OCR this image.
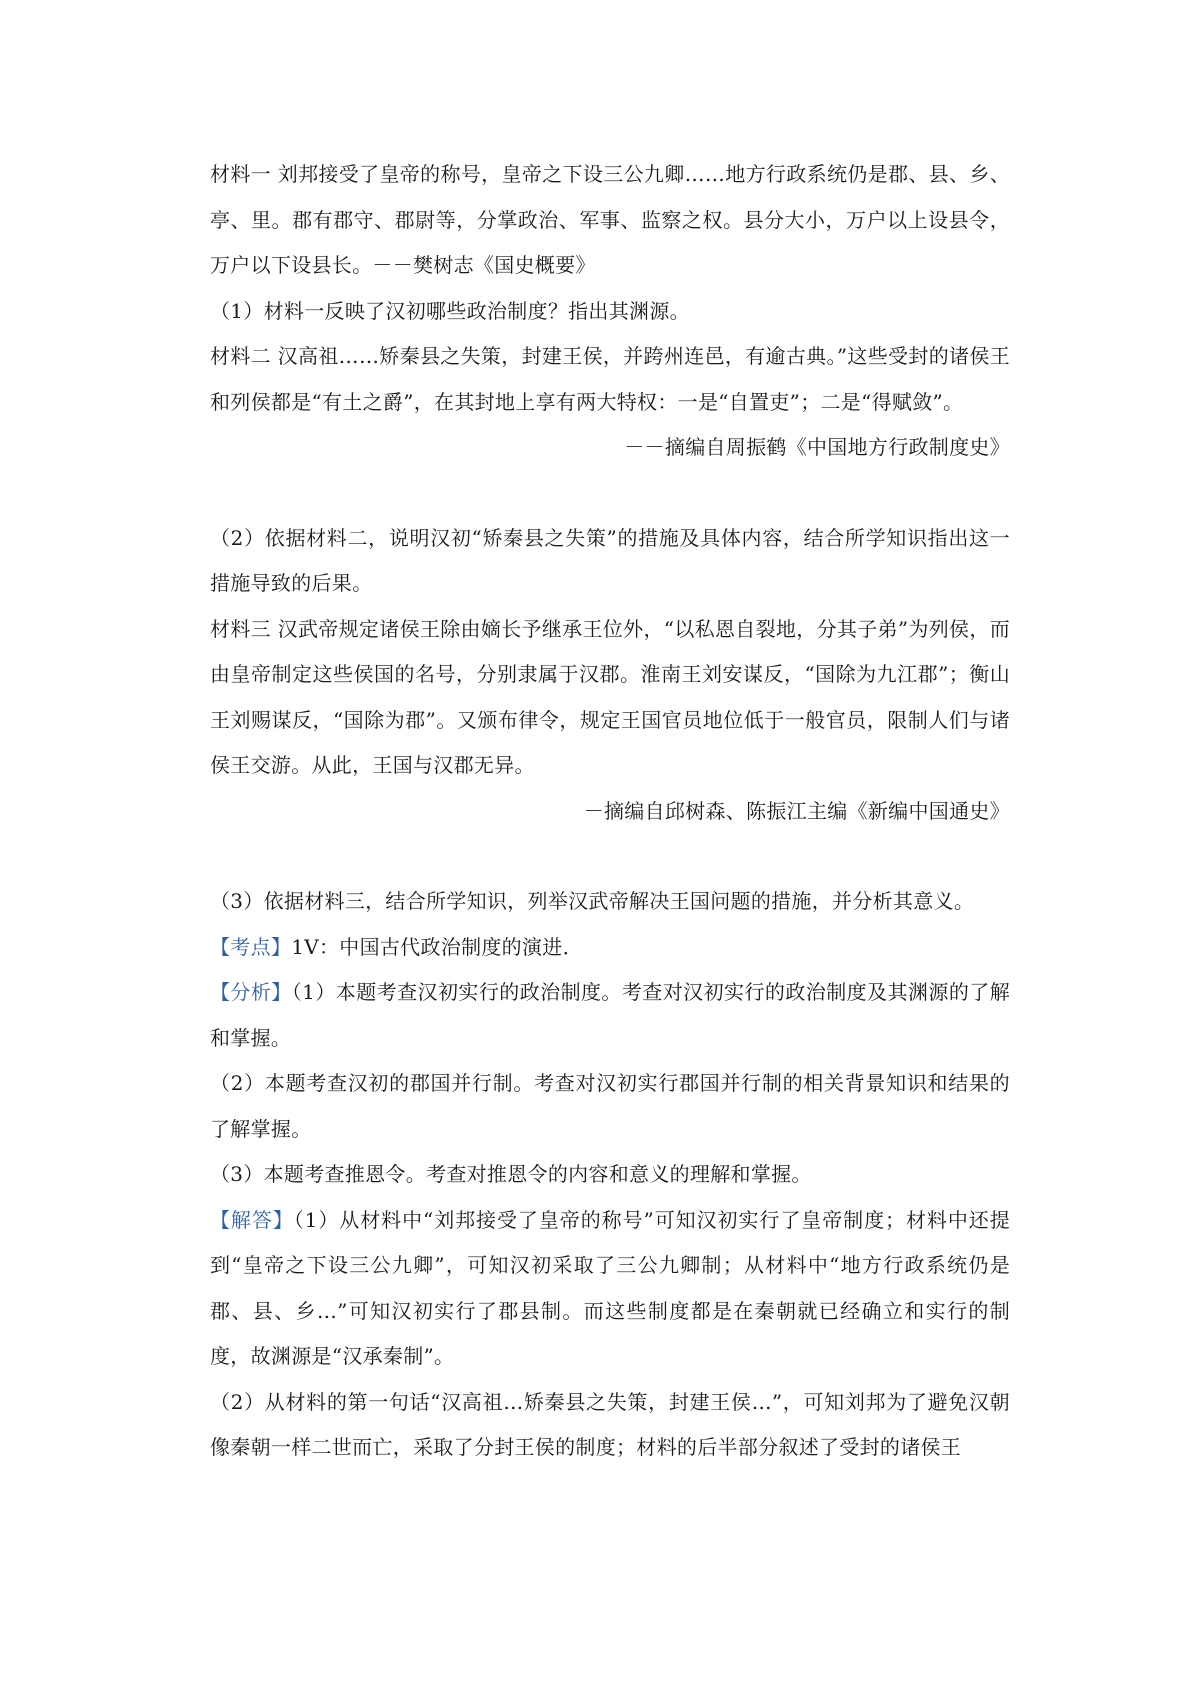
材料一 刘邦接受了皇帝的称号，皇帝之下设三公九卿……地方行政系统仍是郡、县、乡、亭、里。郡有郡守、郡尉等，分掌政治、军事、监察之权。县分大小，万户以上设县令，万户以下设县长。－－樊树志《国史概要》

（1）材料一反映了汉初哪些政治制度？指出其渊源。

材料二 汉高祖……矫秦县之失策，封建王侯，并跨州连邑，有逾古典。”这些受封的诸侯王和列侯都是“有土之爵”，在其封地上享有两大特权：一是“自置吏”；二是“得赋敛”。

－－摘编自周振鹤《中国地方行政制度史》

（2）依据材料二，说明汉初“矫秦县之失策”的措施及具体内容，结合所学知识指出这一措施导致的后果。

材料三 汉武帝规定诸侯王除由嫡长予继承王位外，“以私恩自裂地，分其子弟”为列侯，而由皇帝制定这些侯国的名号，分别隶属于汉郡。淮南王刘安谋反，“国除为九江郡”；衡山王刘赐谋反，“国除为郡”。又颁布律令，规定王国官员地位低于一般官员，限制人们与诸侯王交游。从此，王国与汉郡无异。

－摘编自邱树森、陈振江主编《新编中国通史》

（3）依据材料三，结合所学知识，列举汉武帝解决王国问题的措施，并分析其意义。

【考点】1V：中国古代政治制度的演进．

【分析】（1）本题考查汉初实行的政治制度。考查对汉初实行的政治制度及其渊源的了解和掌握。

（2）本题考查汉初的郡国并行制。考查对汉初实行郡国并行制的相关背景知识和结果的了解掌握。

（3）本题考查推恩令。考查对推恩令的内容和意义的理解和掌握。

【解答】（1）从材料中“刘邦接受了皇帝的称号”可知汉初实行了皇帝制度；材料中还提到“皇帝之下设三公九卿”，可知汉初采取了三公九卿制；从材料中“地方行政系统仍是郡、县、乡…”可知汉初实行了郡县制。而这些制度都是在秦朝就已经确立和实行的制度，故渊源是“汉承秦制”。

（2）从材料的第一句话“汉高祖…矫秦县之失策，封建王侯…”，可知刘邦为了避免汉朝像秦朝一样二世而亡，采取了分封王侯的制度；材料的后半部分叙述了受封的诸侯王
